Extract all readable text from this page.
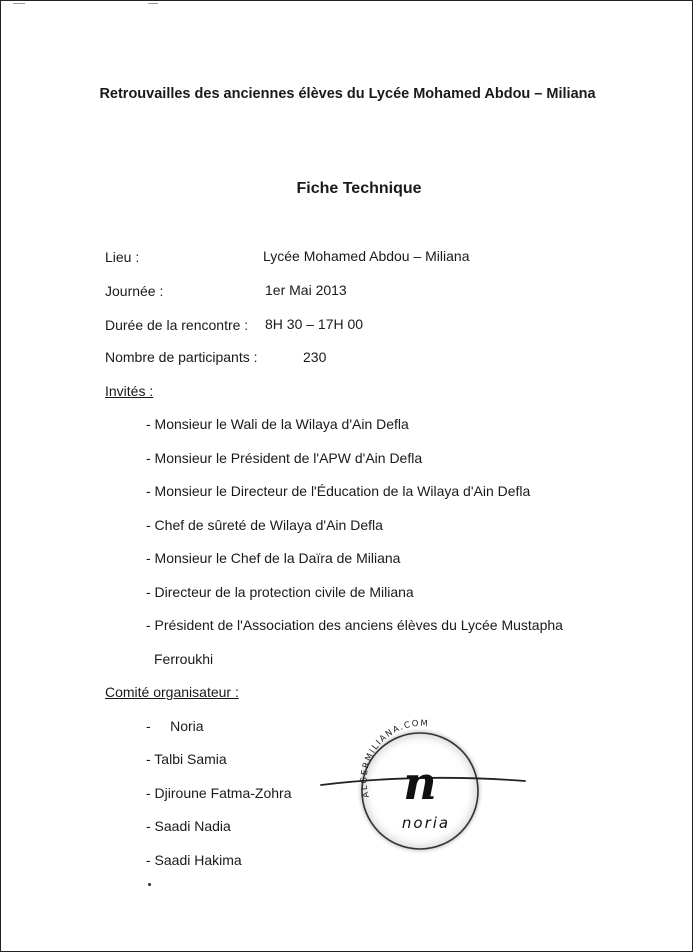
Retrouvailles des anciennes élèves du Lycée Mohamed Abdou – Miliana
Fiche Technique
Lieu :	Lycée Mohamed Abdou – Miliana
Journée :	1er Mai 2013
Durée de la rencontre : 8H 30 – 17H 00
Nombre de participants :	230
Invités :
- Monsieur le Wali de la Wilaya d'Ain Defla
- Monsieur le Président de l'APW d'Ain Defla
- Monsieur le Directeur de l'Éducation de la Wilaya d'Ain Defla
- Chef de sûreté de Wilaya d'Ain Defla
- Monsieur le Chef de la Daïra de Miliana
- Directeur de la protection civile de Miliana
- Président de l'Association des anciens élèves du Lycée Mustapha
Ferroukhi
Comité organisateur :
-     Noria
- Talbi Samia
- Djiroune Fatma-Zohra
- Saadi Nadia
- Saadi Hakima
ALGERMILIANA.COM
n
noria
